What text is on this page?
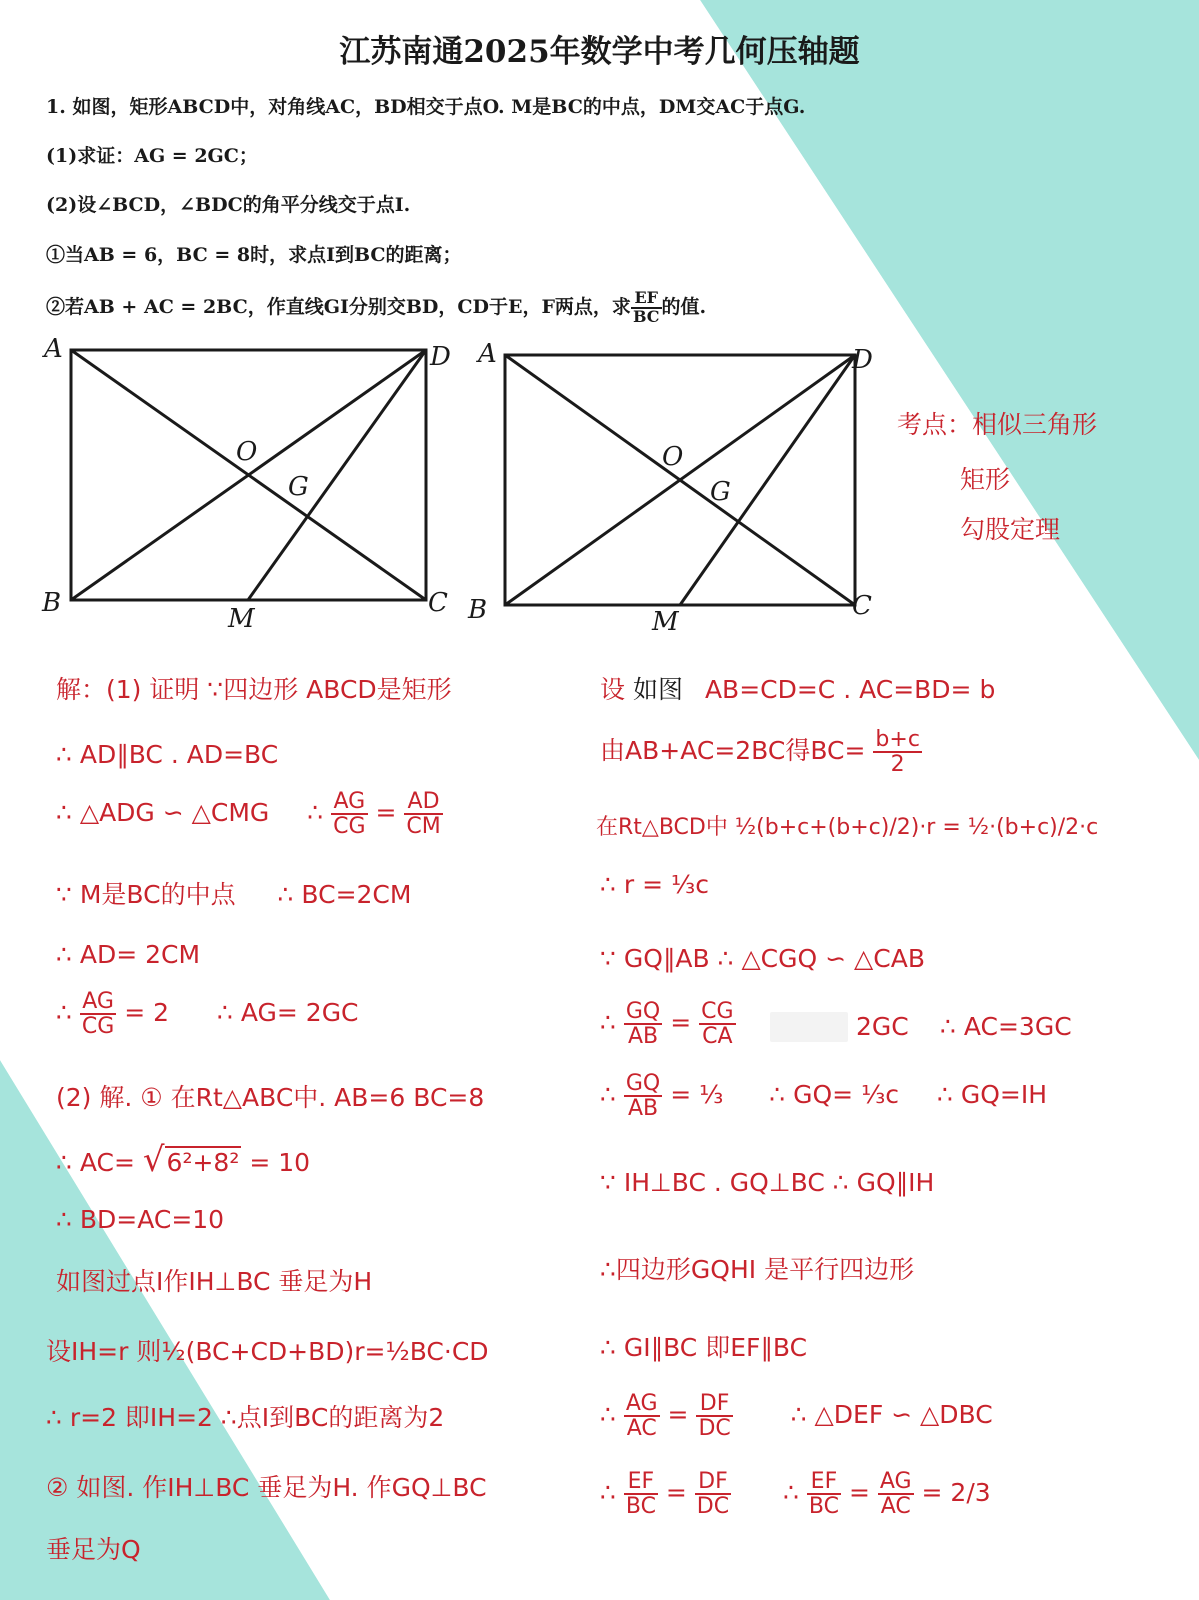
江苏南通2025年数学中考几何压轴题
1. 如图，矩形ABCD中，对角线AC，BD相交于点O. M是BC的中点，DM交AC于点G.
(1)求证：AG = 2GC；
(2)设∠BCD，∠BDC的角平分线交于点I.
①当AB = 6，BC = 8时，求点I到BC的距离；
②若AB + AC = 2BC，作直线GI分别交BD，CD于E，F两点，求 $\frac{EF}{BC}$ 的值.
A
B	C
D
O
G
M
A
B	C
D
O
G
M
考点：相似三角形
矩形
勾股定理
解：(1) 证明 ∵四边形 ABCD是矩形
∴ AD∥BC . AD=BC
∴ △ADG ∽ △CMG ∴ $\frac{AG}{CG} = \frac{AD}{CM}$
∵ M是BC的中点 ∴ BC=2CM
∴ AD= 2CM
∴ $\frac{AG}{CG} = 2$ ∴ AG= 2GC
(2) 解. ① 在Rt△ABC中. AB=6 BC=8
∴ AC= √6²+8² = 10
∴ BD=AC=10
如图过点I作IH⊥BC 垂足为H
设IH=r 则½(BC+CD+BD)r=½BC·CD
∴ r=2 即IH=2 ∴点I到BC的距离为2
② 如图. 作IH⊥BC 垂足为H. 作GQ⊥BC
垂足为Q
设 如图 AB=CD=C . AC=BD= b
由AB+AC=2BC得$BC= \frac{b+c}{2}$
在Rt△BCD中 ½(b+c+(b+c)/2)·r = ½·(b+c)/2·c
∴ r = ⅓c
∵ GQ∥AB ∴ △CGQ ∽ △CAB
∴ $\frac{GQ}{AB} = \frac{CG}{CA}$	2GC ∴ AC=3GC
∴ $\frac{GQ}{AB}$ = ⅓ ∴ GQ= ⅓c ∴ GQ=IH
∵ IH⊥BC . GQ⊥BC ∴ GQ∥IH
∴四边形GQHI 是平行四边形
∴ GI∥BC 即EF∥BC
∴ $\frac{AG}{AC} = \frac{DF}{DC}$ ∴ △DEF ∽ △DBC
∴ $\frac{EF}{BC} = \frac{DF}{DC}$ ∴ $\frac{EF}{BC} = \frac{AG}{AC} = 2/3$
